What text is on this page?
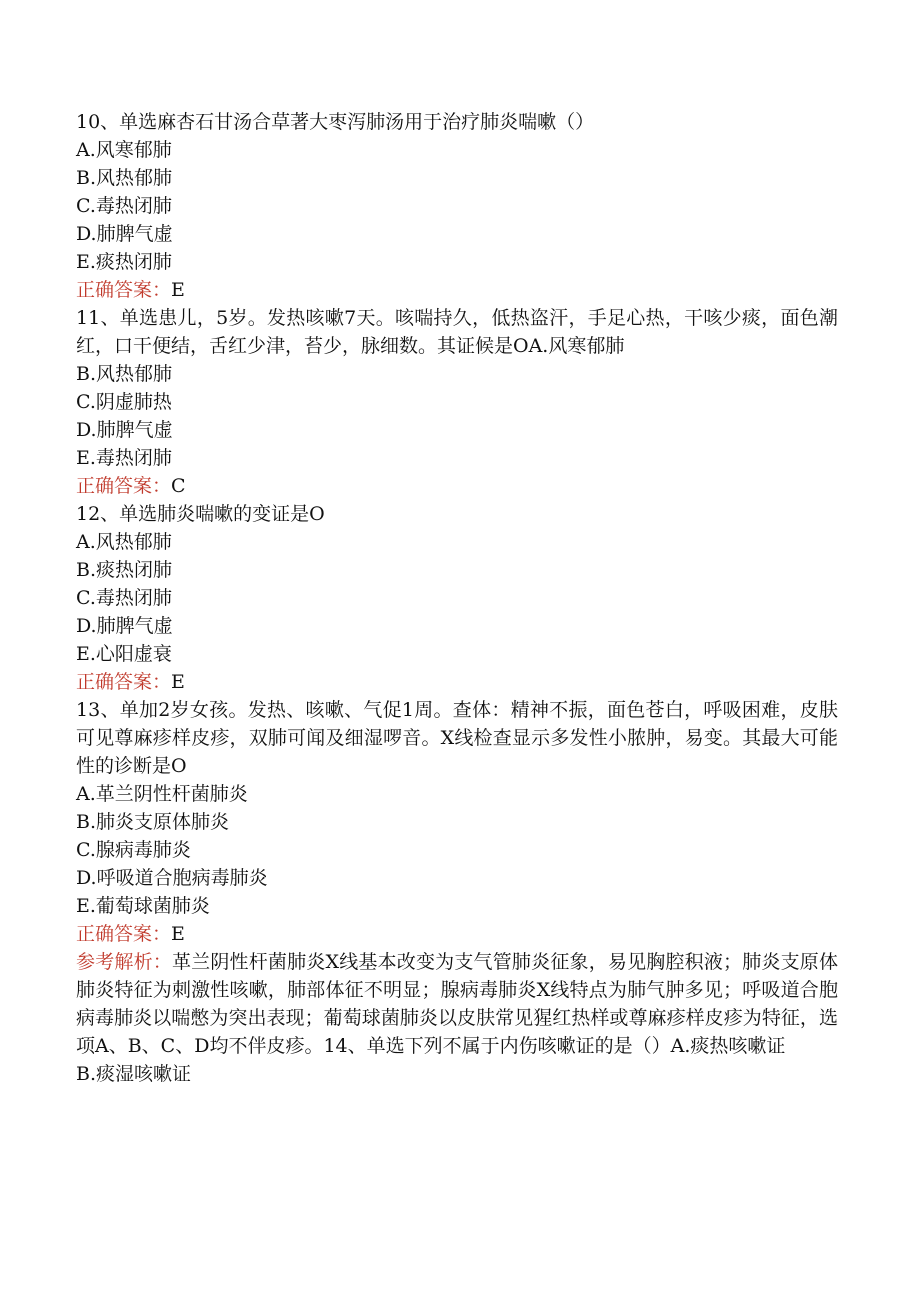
10、单选麻杏石甘汤合草著大枣泻肺汤用于治疗肺炎喘嗽（）
A.风寒郁肺
B.风热郁肺
C.毒热闭肺
D.肺脾气虚
E.痰热闭肺
正确答案：E
11、单选患儿，5岁。发热咳嗽7天。咳喘持久，低热盗汗，手足心热，干咳少痰，面色潮红，口干便结，舌红少津，苔少，脉细数。其证候是OA.风寒郁肺
B.风热郁肺
C.阴虚肺热
D.肺脾气虚
E.毒热闭肺
正确答案：C
12、单选肺炎喘嗽的变证是O
A.风热郁肺
B.痰热闭肺
C.毒热闭肺
D.肺脾气虚
E.心阳虚衰
正确答案：E
13、单加2岁女孩。发热、咳嗽、气促1周。查体：精神不振，面色苍白，呼吸困难，皮肤可见尊麻疹样皮疹，双肺可闻及细湿啰音。X线检查显示多发性小脓肿，易变。其最大可能性的诊断是O
A.革兰阴性杆菌肺炎
B.肺炎支原体肺炎
C.腺病毒肺炎
D.呼吸道合胞病毒肺炎
E.葡萄球菌肺炎
正确答案：E
参考解析：革兰阴性杆菌肺炎X线基本改变为支气管肺炎征象，易见胸腔积液；肺炎支原体肺炎特征为刺激性咳嗽，肺部体征不明显；腺病毒肺炎X线特点为肺气肿多见；呼吸道合胞病毒肺炎以喘憋为突出表现；葡萄球菌肺炎以皮肤常见猩红热样或尊麻疹样皮疹为特征，选项A、B、C、D均不伴皮疹。14、单选下列不属于内伤咳嗽证的是（）A.痰热咳嗽证
B.痰湿咳嗽证
